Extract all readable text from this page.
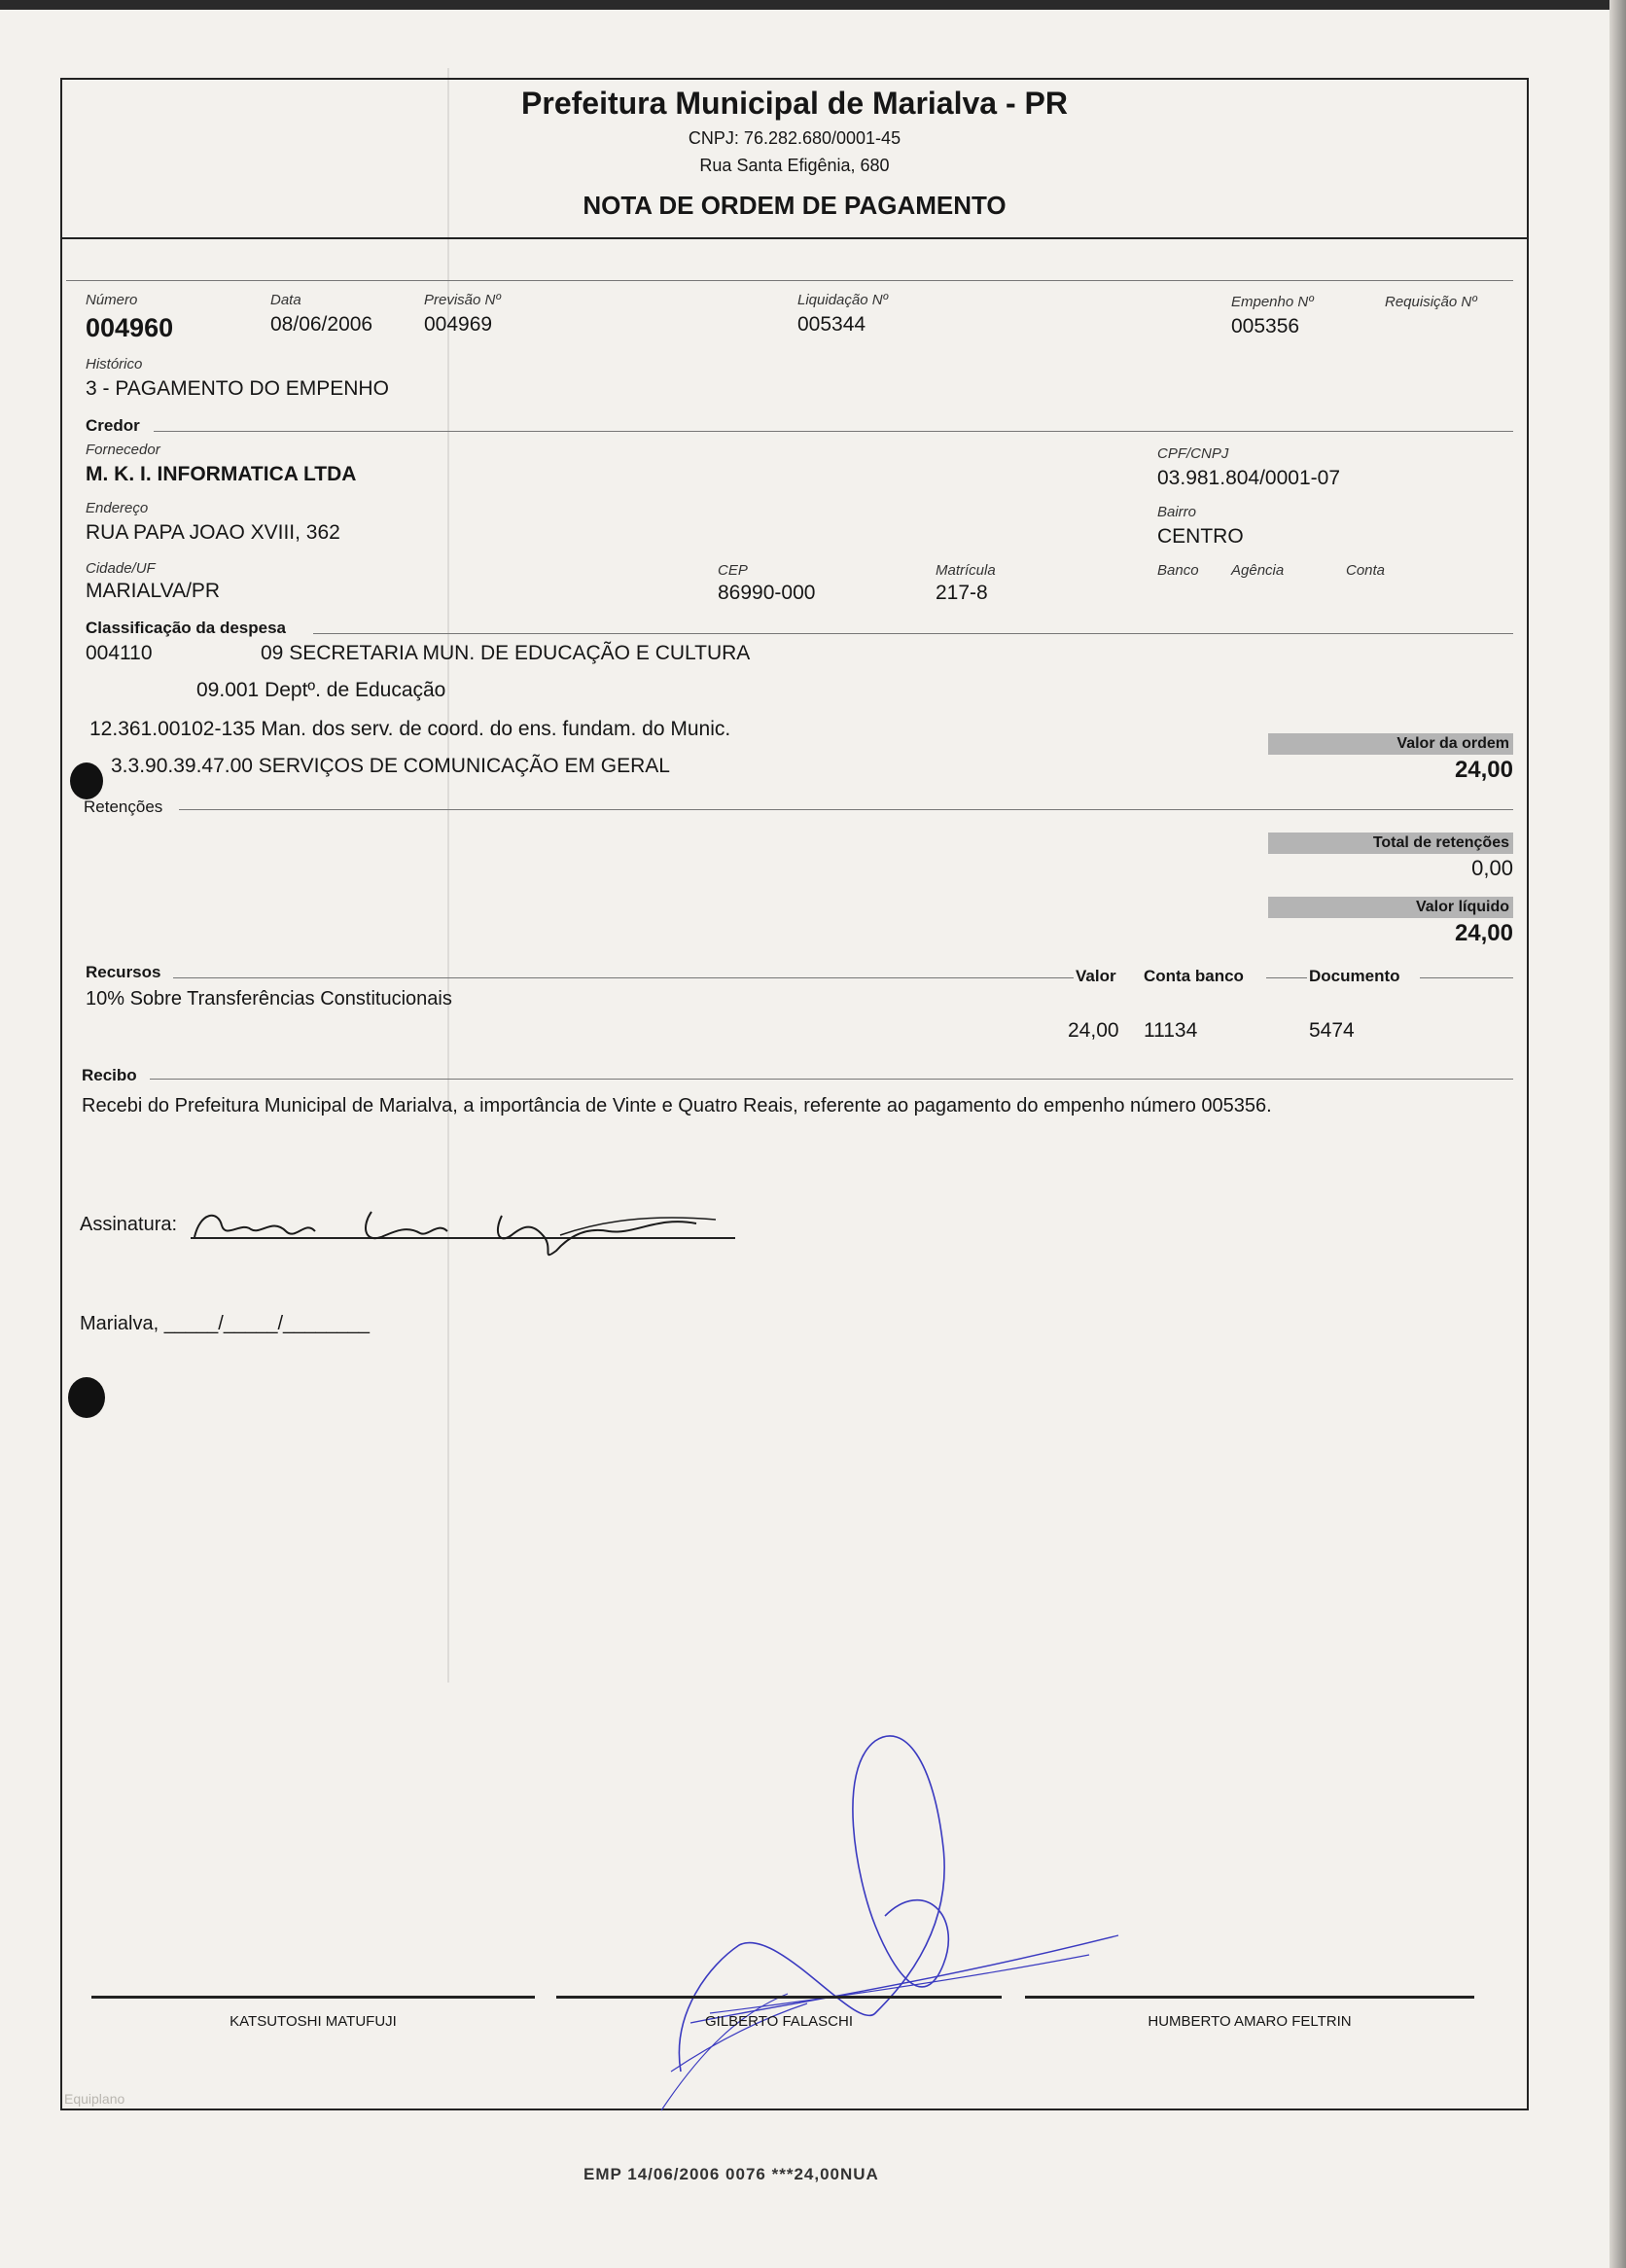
Prefeitura Municipal de Marialva - PR
CNPJ: 76.282.680/0001-45
Rua Santa Efigênia, 680
NOTA DE ORDEM DE PAGAMENTO
Número
004960
Data
08/06/2006
Previsão Nº
004969
Liquidação Nº
005344
Empenho Nº
005356
Requisição Nº
Histórico
3 - PAGAMENTO DO EMPENHO
Credor
Fornecedor
M. K. I. INFORMATICA LTDA
CPF/CNPJ
03.981.804/0001-07
Endereço
RUA PAPA JOAO XVIII, 362
Bairro
CENTRO
Cidade/UF
MARIALVA/PR
CEP
86990-000
Matrícula
217-8
Banco Agência	Conta
Classificação da despesa
004110	09 SECRETARIA MUN. DE EDUCAÇÃO E CULTURA
09.001 Deptº. de Educação
12.361.00102-135 Man. dos serv. de coord. do ens. fundam. do Munic.
3.3.90.39.47.00 SERVIÇOS DE COMUNICAÇÃO EM GERAL
Valor da ordem
24,00
Retenções
Total de retenções
0,00
Valor líquido
24,00
Recursos	Valor Conta banco	Documento
10% Sobre Transferências Constitucionais
24,00 11134	5474
Recibo
Recebi do Prefeitura Municipal de Marialva, a importância de Vinte e Quatro Reais, referente ao pagamento do empenho número 005356.
Assinatura:
Marialva, _____/_____/________
KATSUTOSHI MATUFUJI	GILBERTO FALASCHI	HUMBERTO AMARO FELTRIN
Equiplano
EMP 14/06/2006 0076 ***24,00NUA
